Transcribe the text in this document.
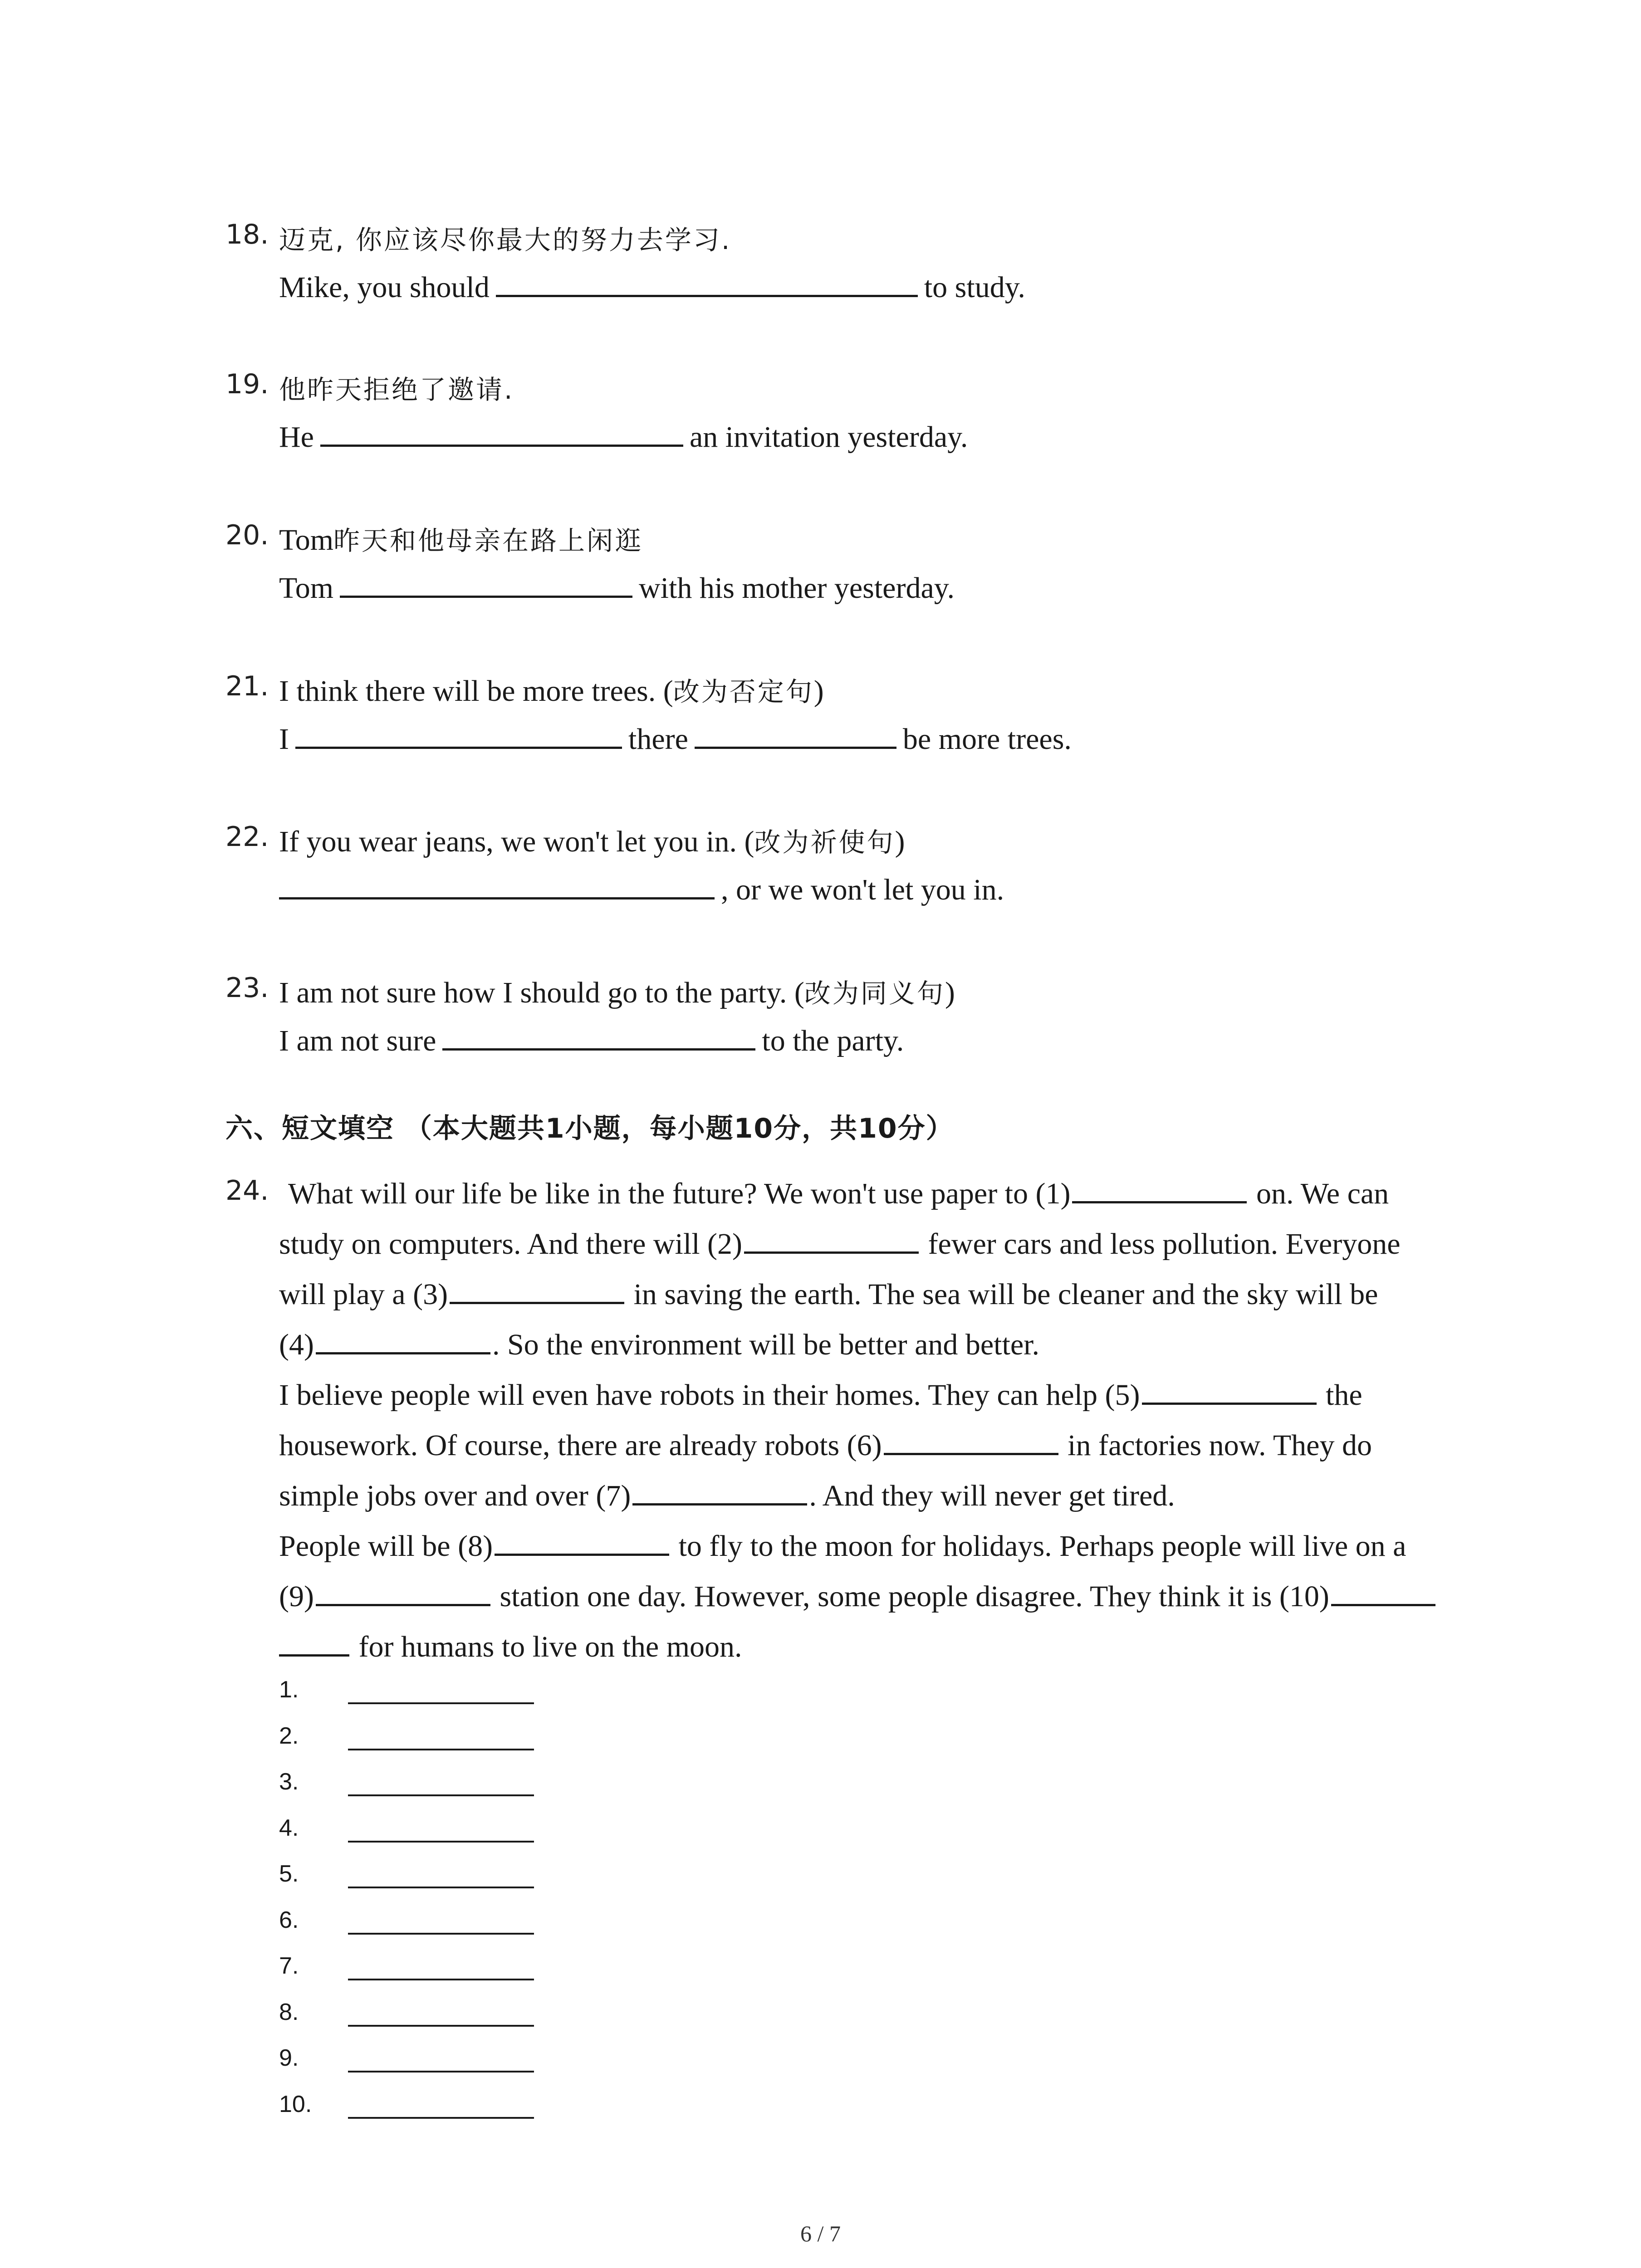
18. 迈克, 你应该尽你最大的努力去学习.
Mike, you should	to study.
19. 他昨天拒绝了邀请.
He	an invitation yesterday.
20. Tom昨天和他母亲在路上闲逛
Tom	with his mother yesterday.
21. I think there will be more trees. (改为否定句)
I	there	be more trees.
22. If you wear jeans, we won't let you in. (改为祈使句)
, or we won't let you in.
23. I am not sure how I should go to the party. (改为同义句)
I am not sure	to the party.
六、短文填空 （本大题共1小题，每小题10分，共10分）
24. What will our life be like in the future? We won't use paper to (1)	on. We can
study on computers. And there will (2)	fewer cars and less pollution. Everyone
will play a (3)	in saving the earth. The sea will be cleaner and the sky will be
(4)	. So the environment will be better and better.
I believe people will even have robots in their homes. They can help (5)	the
housework. Of course, there are already robots (6)	in factories now. They do
simple jobs over and over (7)	. And they will never get tired.
People will be (8)	to fly to the moon for holidays. Perhaps people will live on a
(9)	station one day. However, some people disagree. They think it is (10)
for humans to live on the moon.
1.
2.
3.
4.
5.
6.
7.
8.
9.
10.
6 / 7
